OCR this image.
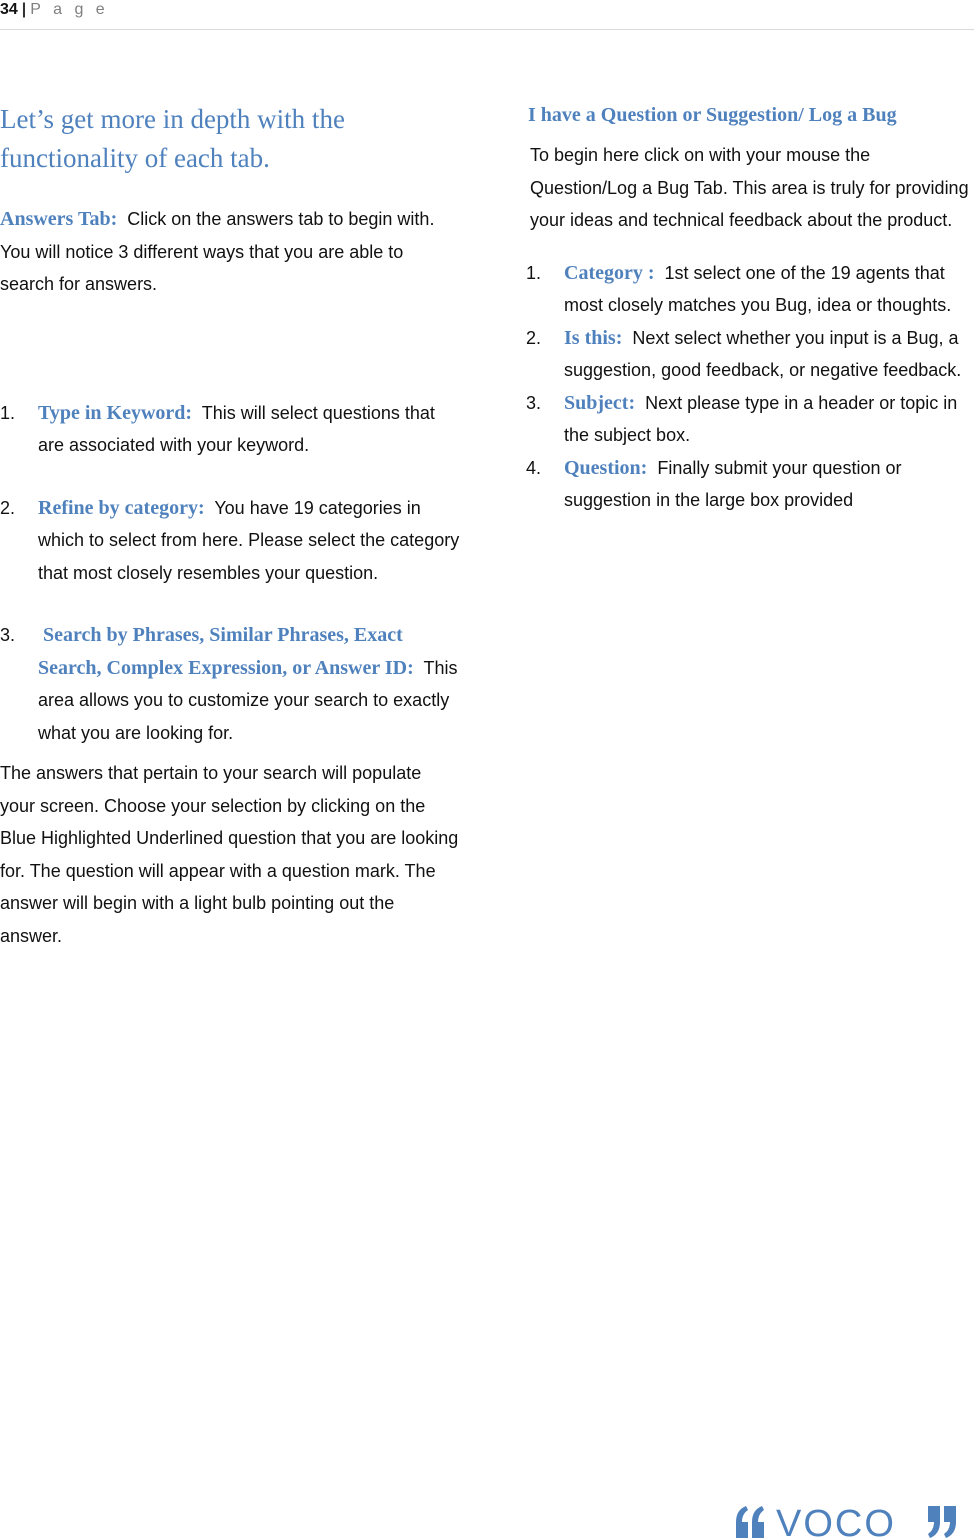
34 | P a g e
Let’s get more in depth with the functionality of each tab.

Answers Tab: Click on the answers tab to begin with. You will notice 3 different ways that you are able to search for answers.

1. Type in Keyword: This will select questions that are associated with your keyword.

2. Refine by category: You have 19 categories in which to select from here. Please select the category that most closely resembles your question.

3. Search by Phrases, Similar Phrases, Exact Search, Complex Expression, or Answer ID: This area allows you to customize your search to exactly what you are looking for.

The answers that pertain to your search will populate your screen. Choose your selection by clicking on the Blue Highlighted Underlined question that you are looking for. The question will appear with a question mark. The answer will begin with a light bulb pointing out the answer.

I have a Question or Suggestion/ Log a Bug

To begin here click on with your mouse the Question/Log a Bug Tab. This area is truly for providing your ideas and technical feedback about the product.

1. Category : 1st select one of the 19 agents that most closely matches you Bug, idea or thoughts.

2. Is this: Next select whether you input is a Bug, a suggestion, good feedback, or negative feedback.

3. Subject: Next please type in a header or topic in the subject box.

4. Question: Finally submit your question or suggestion in the large box provided

VOCO
